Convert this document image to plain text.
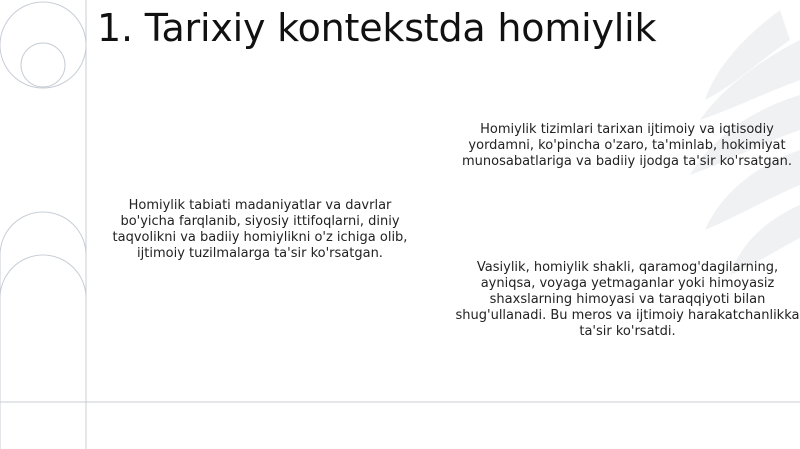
1. Tarixiy kontekstda homiylik
Homiylik tabiati madaniyatlar va davrlar bo'yicha farqlanib, siyosiy ittifoqlarni, diniy taqvolikni va badiiy homiylikni o'z ichiga olib, ijtimoiy tuzilmalarga ta'sir ko'rsatgan.
Homiylik tizimlari tarixan ijtimoiy va iqtisodiy yordamni, ko'pincha o'zaro, ta'minlab, hokimiyat munosabatlariga va badiiy ijodga ta'sir ko'rsatgan.
Vasiylik, homiylik shakli, qaramog'dagilarning, ayniqsa, voyaga yetmaganlar yoki himoyasiz shaxslarning himoyasi va taraqqiyoti bilan shug'ullanadi. Bu meros va ijtimoiy harakatchanlikka ta'sir ko'rsatdi.
